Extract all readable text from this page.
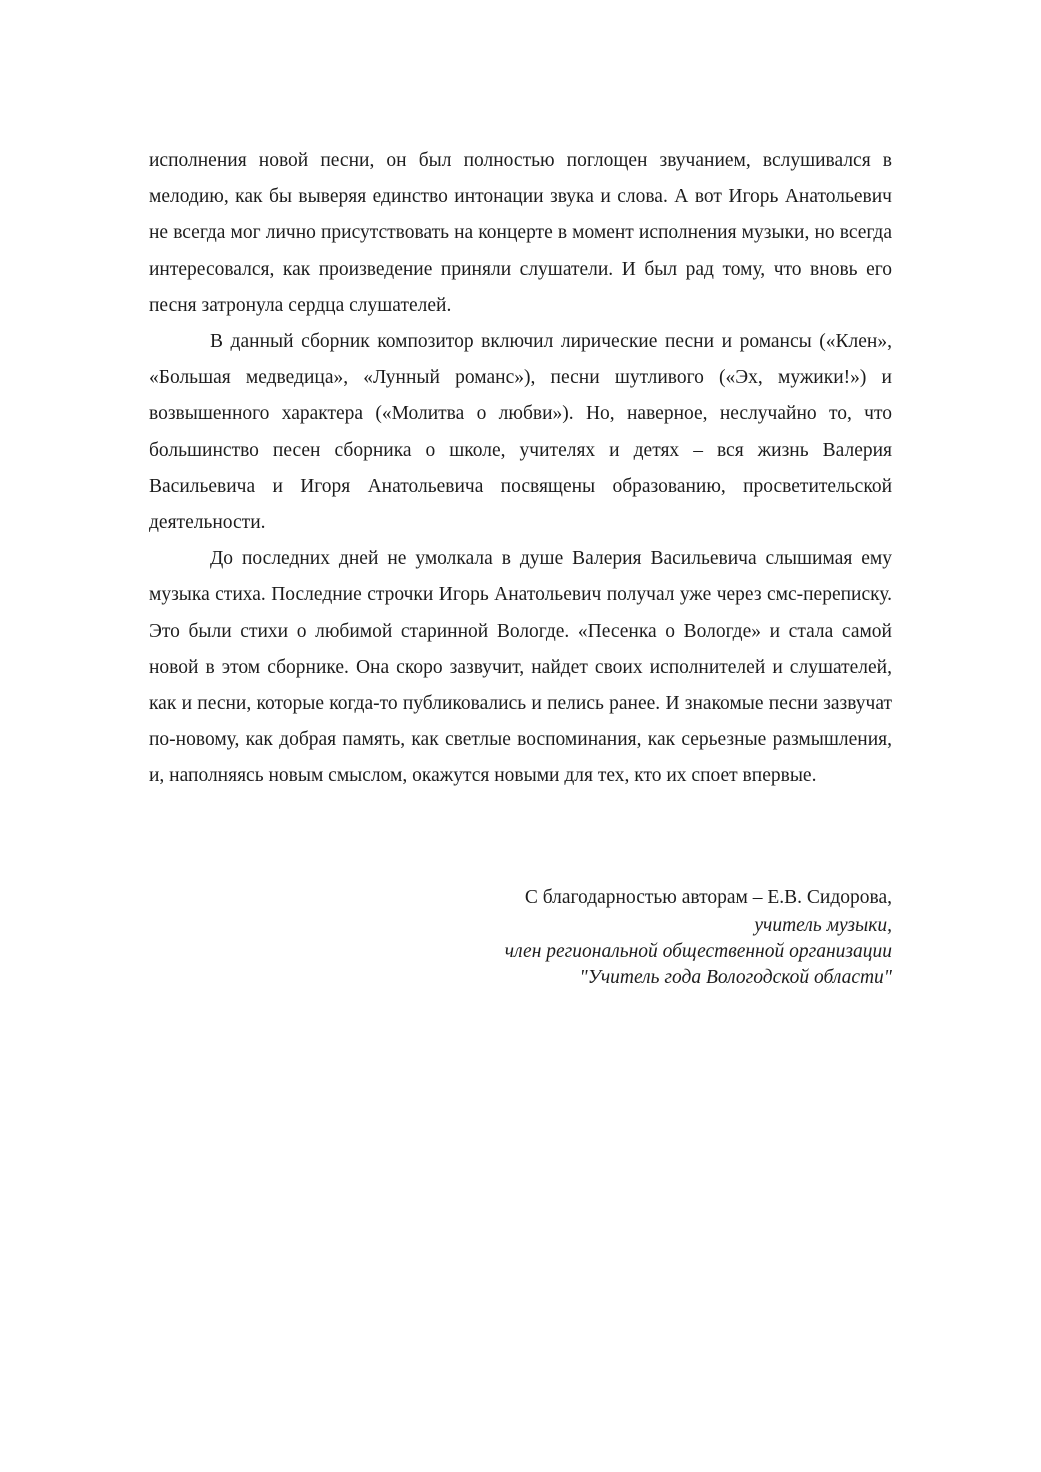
исполнения новой песни, он был полностью поглощен звучанием, вслушивался в мелодию, как бы выверяя единство интонации звука и слова. А вот Игорь Анатольевич не всегда мог лично присутствовать на концерте в момент исполнения музыки, но всегда интересовался, как произведение приняли слушатели. И был рад тому, что вновь его песня затронула сердца слушателей.

В данный сборник композитор включил лирические песни и романсы («Клен», «Большая медведица», «Лунный романс»), песни шутливого («Эх, мужики!») и возвышенного характера («Молитва о любви»). Но, наверное, неслучайно то, что большинство песен сборника о школе, учителях и детях – вся жизнь Валерия Васильевича и Игоря Анатольевича посвящены образованию, просветительской деятельности.

До последних дней не умолкала в душе Валерия Васильевича слышимая ему музыка стиха. Последние строчки Игорь Анатольевич получал уже через смс-переписку. Это были стихи о любимой старинной Вологде. «Песенка о Вологде» и стала самой новой в этом сборнике. Она скоро зазвучит, найдет своих исполнителей и слушателей, как и песни, которые когда-то публиковались и пелись ранее. И знакомые песни зазвучат по-новому, как добрая память, как светлые воспоминания, как серьезные размышления, и, наполняясь новым смыслом, окажутся новыми для тех, кто их споет впервые.

С благодарностью авторам – Е.В. Сидорова,
учитель музыки,
член региональной общественной организации
"Учитель года Вологодской области"
